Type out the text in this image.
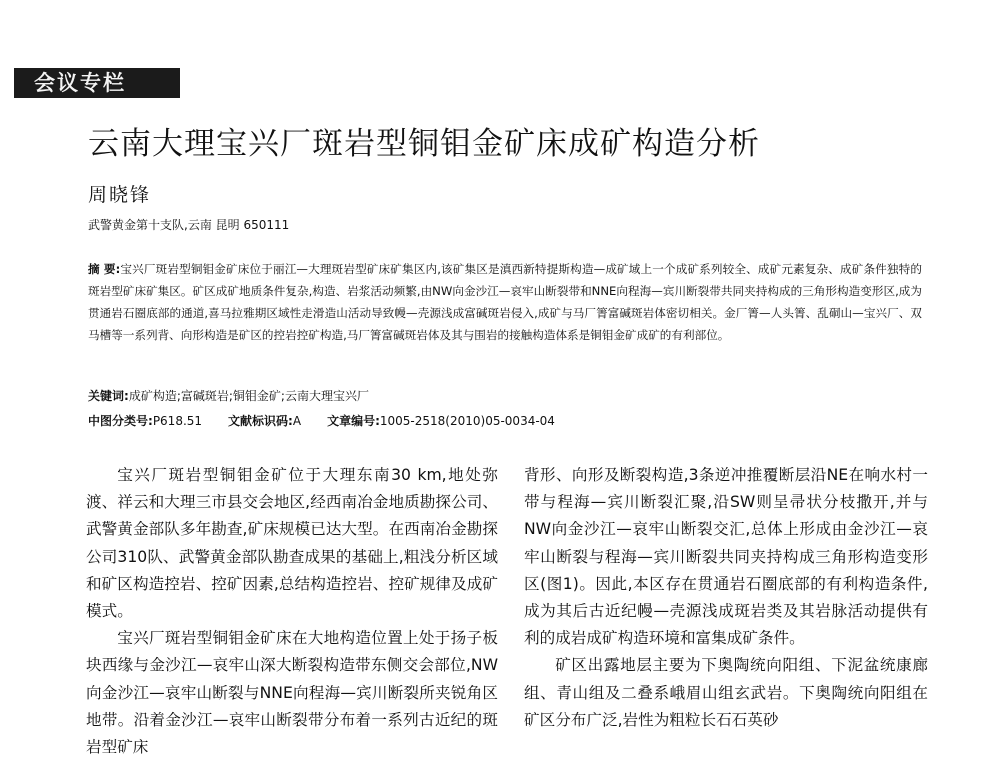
会议专栏
云南大理宝兴厂斑岩型铜钼金矿床成矿构造分析
周晓锋
武警黄金第十支队,云南 昆明 650111
摘 要:宝兴厂斑岩型铜钼金矿床位于丽江—大理斑岩型矿床矿集区内,该矿集区是滇西新特提斯构造—成矿域上一个成矿系列较全、成矿元素复杂、成矿条件独特的斑岩型矿床矿集区。矿区成矿地质条件复杂,构造、岩浆活动频繁,由NW向金沙江—哀牢山断裂带和NNE向程海—宾川断裂带共同夹持构成的三角形构造变形区,成为贯通岩石圈底部的通道,喜马拉雅期区域性走滑造山活动导致幔—壳源浅成富碱斑岩侵入,成矿与马厂箐富碱斑岩体密切相关。金厂箐—人头箐、乱硐山—宝兴厂、双马槽等一系列背、向形构造是矿区的控岩控矿构造,马厂箐富碱斑岩体及其与围岩的接触构造体系是铜钼金矿成矿的有利部位。
关键词:成矿构造;富碱斑岩;铜钼金矿;云南大理宝兴厂
中图分类号:P618.51 文献标识码:A 文章编号:1005-2518(2010)05-0034-04

宝兴厂斑岩型铜钼金矿位于大理东南30 km,地处弥渡、祥云和大理三市县交会地区,经西南冶金地质勘探公司、武警黄金部队多年勘查,矿床规模已达大型。在西南冶金勘探公司310队、武警黄金部队勘查成果的基础上,粗浅分析区域和矿区构造控岩、控矿因素,总结构造控岩、控矿规律及成矿模式。

宝兴厂斑岩型铜钼金矿床在大地构造位置上处于扬子板块西缘与金沙江—哀牢山深大断裂构造带东侧交会部位,NW向金沙江—哀牢山断裂与NNE向程海—宾川断裂所夹锐角区地带。沿着金沙江—哀牢山断裂带分布着一系列古近纪的斑岩型矿床

背形、向形及断裂构造,3条逆冲推覆断层沿NE在响水村一带与程海—宾川断裂汇聚,沿SW则呈帚状分枝撒开,并与NW向金沙江—哀牢山断裂交汇,总体上形成由金沙江—哀牢山断裂与程海—宾川断裂共同夹持构成三角形构造变形区(图1)。因此,本区存在贯通岩石圈底部的有利构造条件,成为其后古近纪幔—壳源浅成斑岩类及其岩脉活动提供有利的成岩成矿构造环境和富集成矿条件。

矿区出露地层主要为下奥陶统向阳组、下泥盆统康廊组、青山组及二叠系峨眉山组玄武岩。下奥陶统向阳组在矿区分布广泛,岩性为粗粒长石石英砂
